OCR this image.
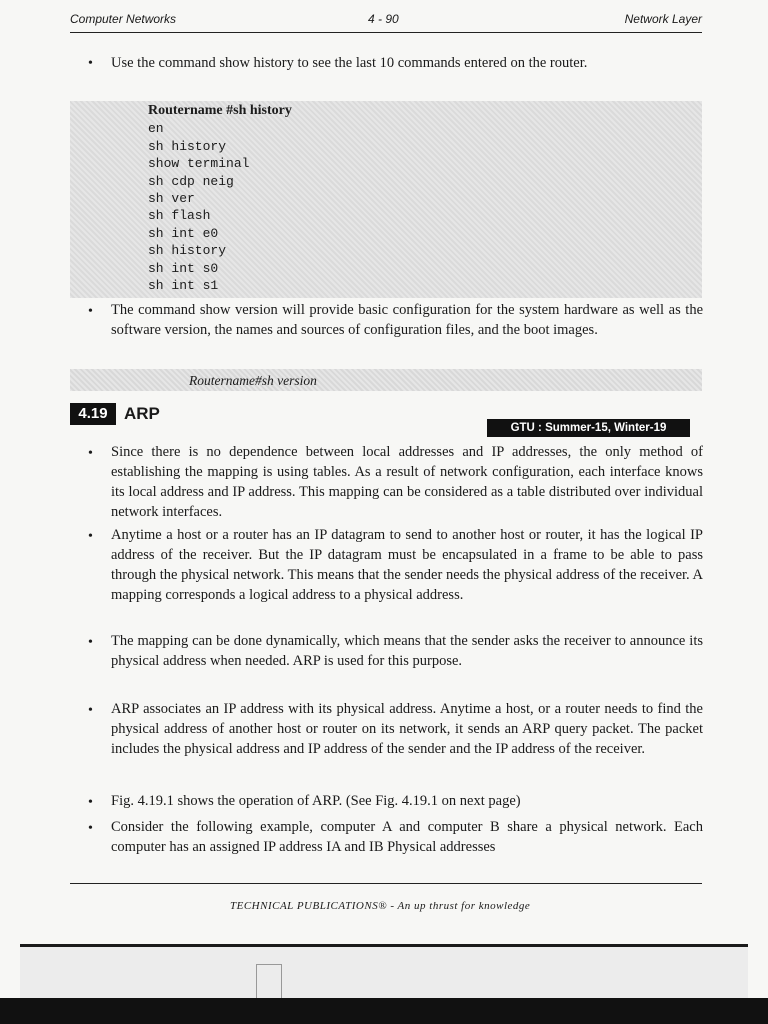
Computer Networks	4 - 90	Network Layer
• Use the command show history to see the last 10 commands entered on the router.
Routername #sh history
en
sh history
show terminal
sh cdp neig
sh ver
sh flash
sh int e0
sh history
sh int s0
sh int s1
• The command show version will provide basic configuration for the system hardware as well as the software version, the names and sources of configuration files, and the boot images.
Routername#sh version
4.19 ARP
GTU : Summer-15, Winter-19
• Since there is no dependence between local addresses and IP addresses, the only method of establishing the mapping is using tables. As a result of network configuration, each interface knows its local address and IP address. This mapping can be considered as a table distributed over individual network interfaces.
• Anytime a host or a router has an IP datagram to send to another host or router, it has the logical IP address of the receiver. But the IP datagram must be encapsulated in a frame to be able to pass through the physical network. This means that the sender needs the physical address of the receiver. A mapping corresponds a logical address to a physical address.
• The mapping can be done dynamically, which means that the sender asks the receiver to announce its physical address when needed. ARP is used for this purpose.
• ARP associates an IP address with its physical address. Anytime a host, or a router needs to find the physical address of another host or router on its network, it sends an ARP query packet. The packet includes the physical address and IP address of the sender and the IP address of the receiver.
• Fig. 4.19.1 shows the operation of ARP. (See Fig. 4.19.1 on next page)
• Consider the following example, computer A and computer B share a physical network. Each computer has an assigned IP address IA and IB Physical addresses
TECHNICAL PUBLICATIONS® - An up thrust for knowledge
